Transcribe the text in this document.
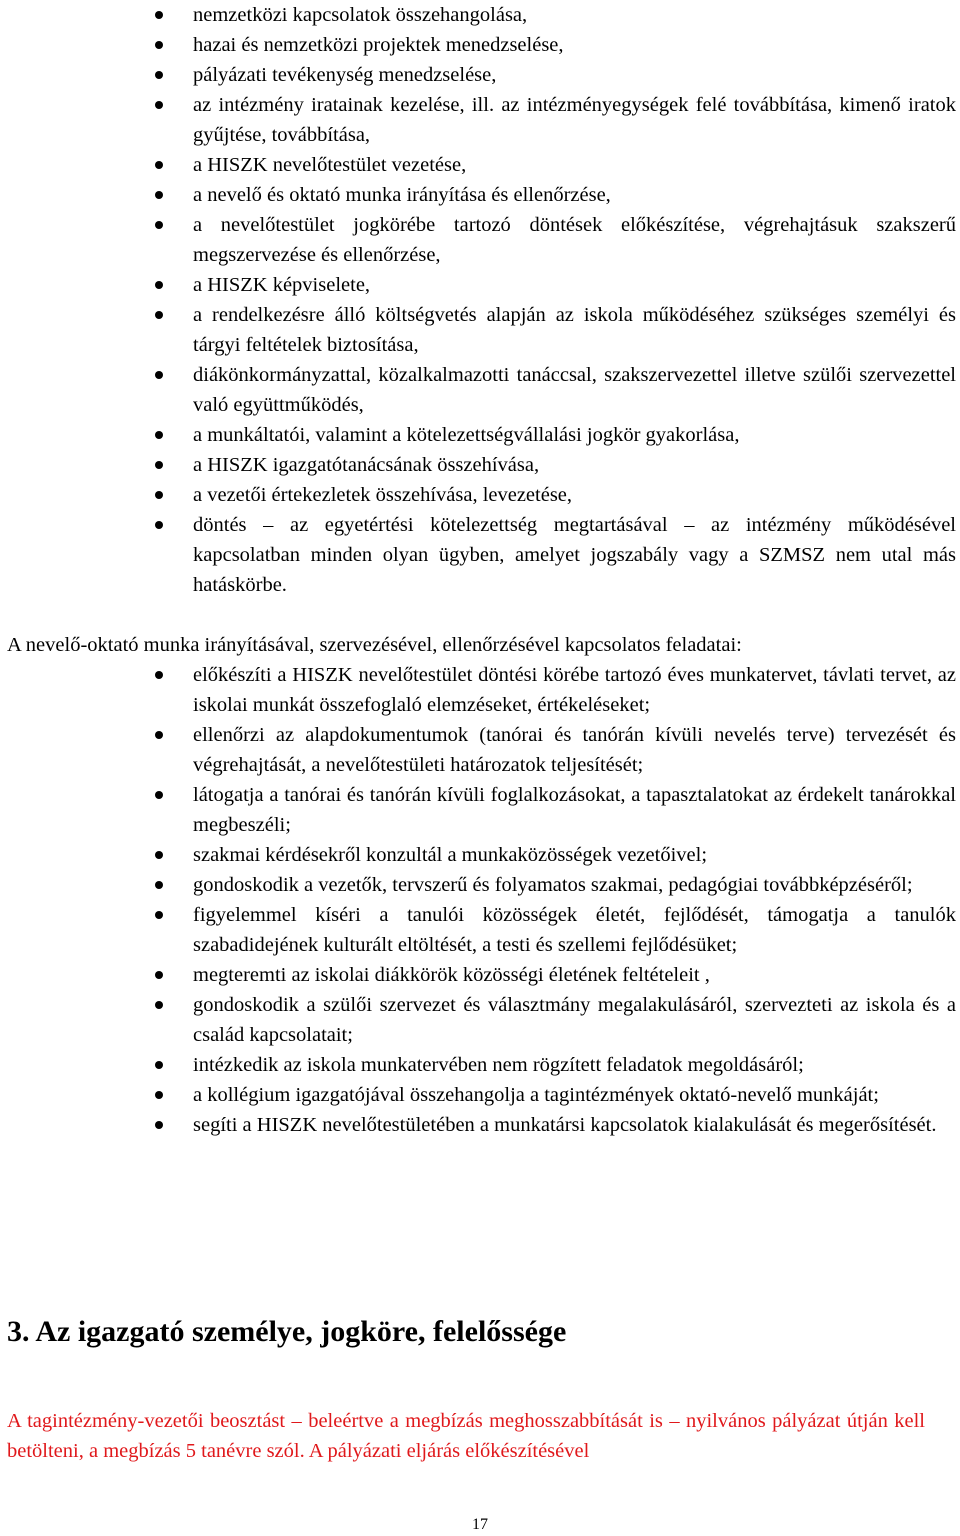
nemzetközi kapcsolatok összehangolása,
hazai és nemzetközi projektek menedzselése,
pályázati tevékenység menedzselése,
az intézmény iratainak kezelése, ill. az intézményegységek felé továbbítása, kimenő iratok gyűjtése, továbbítása,
a HISZK nevelőtestület vezetése,
a nevelő és oktató munka irányítása és ellenőrzése,
a nevelőtestület jogkörébe tartozó döntések előkészítése, végrehajtásuk szakszerű megszervezése és ellenőrzése,
a HISZK képviselete,
a rendelkezésre álló költségvetés alapján az iskola működéséhez szükséges személyi és tárgyi feltételek biztosítása,
diákönkormányzattal, közalkalmazotti tanáccsal, szakszervezettel illetve szülői szervezettel való együttműködés,
a munkáltatói, valamint a kötelezettségvállalási jogkör gyakorlása,
a HISZK igazgatótanácsának összehívása,
a vezetői értekezletek összehívása, levezetése,
döntés – az egyetértési kötelezettség megtartásával – az intézmény működésével kapcsolatban minden olyan ügyben, amelyet jogszabály vagy a SZMSZ nem utal más hatáskörbe.

A nevelő-oktató munka irányításával, szervezésével, ellenőrzésével kapcsolatos feladatai:

előkészíti a HISZK nevelőtestület döntési körébe tartozó éves munkatervet, távlati tervet, az iskolai munkát összefoglaló elemzéseket, értékeléseket;
ellenőrzi az alapdokumentumok (tanórai és tanórán kívüli nevelés terve) tervezését és végrehajtását, a nevelőtestületi határozatok teljesítését;
látogatja a tanórai és tanórán kívüli foglalkozásokat, a tapasztalatokat az érdekelt tanárokkal megbeszéli;
szakmai kérdésekről konzultál a munkaközösségek vezetőivel;
gondoskodik a vezetők, tervszerű és folyamatos szakmai, pedagógiai továbbképzéséről;
figyelemmel kíséri a tanulói közösségek életét, fejlődését, támogatja a tanulók szabadidejének kulturált eltöltését, a testi és szellemi fejlődésüket;
megteremti az iskolai diákkörök közösségi életének feltételeit ,
gondoskodik a szülői szervezet és választmány megalakulásáról, szervezteti az iskola és a család kapcsolatait;
intézkedik az iskola munkatervében nem rögzített feladatok megoldásáról;
a kollégium igazgatójával összehangolja a tagintézmények oktató-nevelő munkáját;
segíti a HISZK nevelőtestületében a munkatársi kapcsolatok kialakulását és megerősítését.
3. Az igazgató személye, jogköre, felelőssége

A tagintézmény-vezetői beosztást – beleértve a megbízás meghosszabbítását is – nyilvános pályázat útján kell betölteni, a megbízás 5 tanévre szól. A pályázati eljárás előkészítésével

17
